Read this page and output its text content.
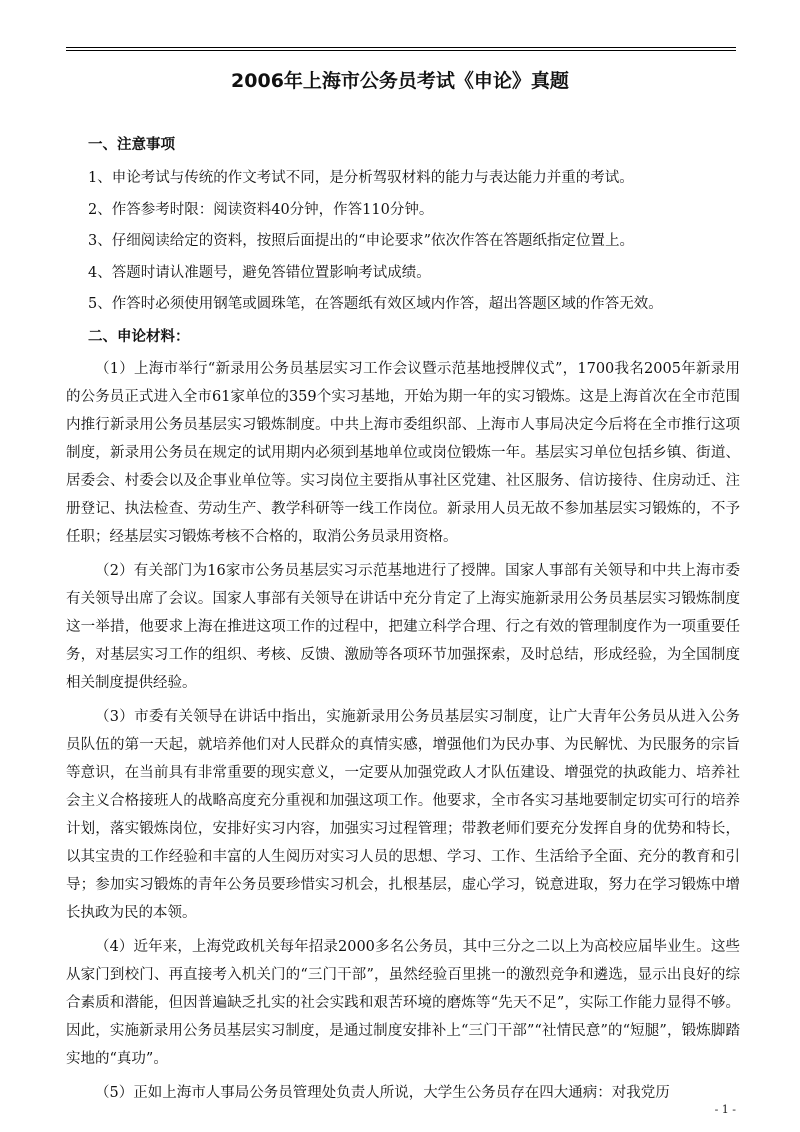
2006年上海市公务员考试《申论》真题
一、注意事项
1、申论考试与传统的作文考试不同，是分析驾驭材料的能力与表达能力并重的考试。
2、作答参考时限：阅读资料40分钟，作答110分钟。
3、仔细阅读给定的资料，按照后面提出的“申论要求”依次作答在答题纸指定位置上。
4、答题时请认准题号，避免答错位置影响考试成绩。
5、作答时必须使用钢笔或圆珠笔，在答题纸有效区域内作答，超出答题区域的作答无效。
二、申论材料：

（1）上海市举行“新录用公务员基层实习工作会议暨示范基地授牌仪式”，1700我名2005年新录用的公务员正式进入全市61家单位的359个实习基地，开始为期一年的实习锻炼。这是上海首次在全市范围内推行新录用公务员基层实习锻炼制度。中共上海市委组织部、上海市人事局决定今后将在全市推行这项制度，新录用公务员在规定的试用期内必须到基地单位或岗位锻炼一年。基层实习单位包括乡镇、街道、居委会、村委会以及企事业单位等。实习岗位主要指从事社区党建、社区服务、信访接待、住房动迁、注册登记、执法检查、劳动生产、教学科研等一线工作岗位。新录用人员无故不参加基层实习锻炼的，不予任职；经基层实习锻炼考核不合格的，取消公务员录用资格。

（2）有关部门为16家市公务员基层实习示范基地进行了授牌。国家人事部有关领导和中共上海市委有关领导出席了会议。国家人事部有关领导在讲话中充分肯定了上海实施新录用公务员基层实习锻炼制度这一举措，他要求上海在推进这项工作的过程中，把建立科学合理、行之有效的管理制度作为一项重要任务，对基层实习工作的组织、考核、反馈、激励等各项环节加强探索，及时总结，形成经验，为全国制度相关制度提供经验。

（3）市委有关领导在讲话中指出，实施新录用公务员基层实习制度，让广大青年公务员从进入公务员队伍的第一天起，就培养他们对人民群众的真情实感，增强他们为民办事、为民解忧、为民服务的宗旨等意识，在当前具有非常重要的现实意义，一定要从加强党政人才队伍建设、增强党的执政能力、培养社会主义合格接班人的战略高度充分重视和加强这项工作。他要求，全市各实习基地要制定切实可行的培养计划，落实锻炼岗位，安排好实习内容，加强实习过程管理；带教老师们要充分发挥自身的优势和特长，以其宝贵的工作经验和丰富的人生阅历对实习人员的思想、学习、工作、生活给予全面、充分的教育和引导；参加实习锻炼的青年公务员要珍惜实习机会，扎根基层，虚心学习，锐意进取，努力在学习锻炼中增长执政为民的本领。

（4）近年来，上海党政机关每年招录2000多名公务员，其中三分之二以上为高校应届毕业生。这些从家门到校门、再直接考入机关门的“三门干部”，虽然经验百里挑一的激烈竞争和遴选，显示出良好的综合素质和潜能，但因普遍缺乏扎实的社会实践和艰苦环境的磨炼等“先天不足”，实际工作能力显得不够。因此，实施新录用公务员基层实习制度，是通过制度安排补上“三门干部”“社情民意”的“短腿”，锻炼脚踏实地的“真功”。

（5）正如上海市人事局公务员管理处负责人所说，大学生公务员存在四大通病：对我党历

- 1 -
